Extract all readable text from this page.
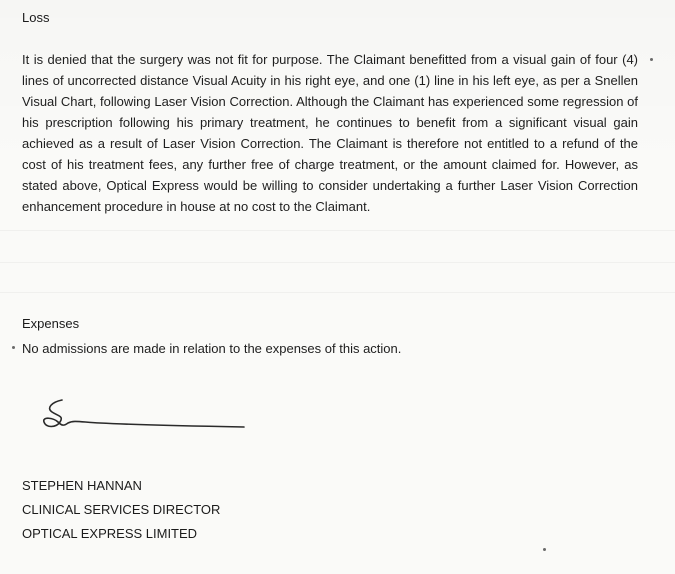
Loss
It is denied that the surgery was not fit for purpose. The Claimant benefitted from a visual gain of four (4) lines of uncorrected distance Visual Acuity in his right eye, and one (1) line in his left eye, as per a Snellen Visual Chart, following Laser Vision Correction. Although the Claimant has experienced some regression of his prescription following his primary treatment, he continues to benefit from a significant visual gain achieved as a result of Laser Vision Correction. The Claimant is therefore not entitled to a refund of the cost of his treatment fees, any further free of charge treatment, or the amount claimed for. However, as stated above, Optical Express would be willing to consider undertaking a further Laser Vision Correction enhancement procedure in house at no cost to the Claimant.
Expenses
No admissions are made in relation to the expenses of this action.
STEPHEN HANNAN
CLINICAL SERVICES DIRECTOR
OPTICAL EXPRESS LIMITED
